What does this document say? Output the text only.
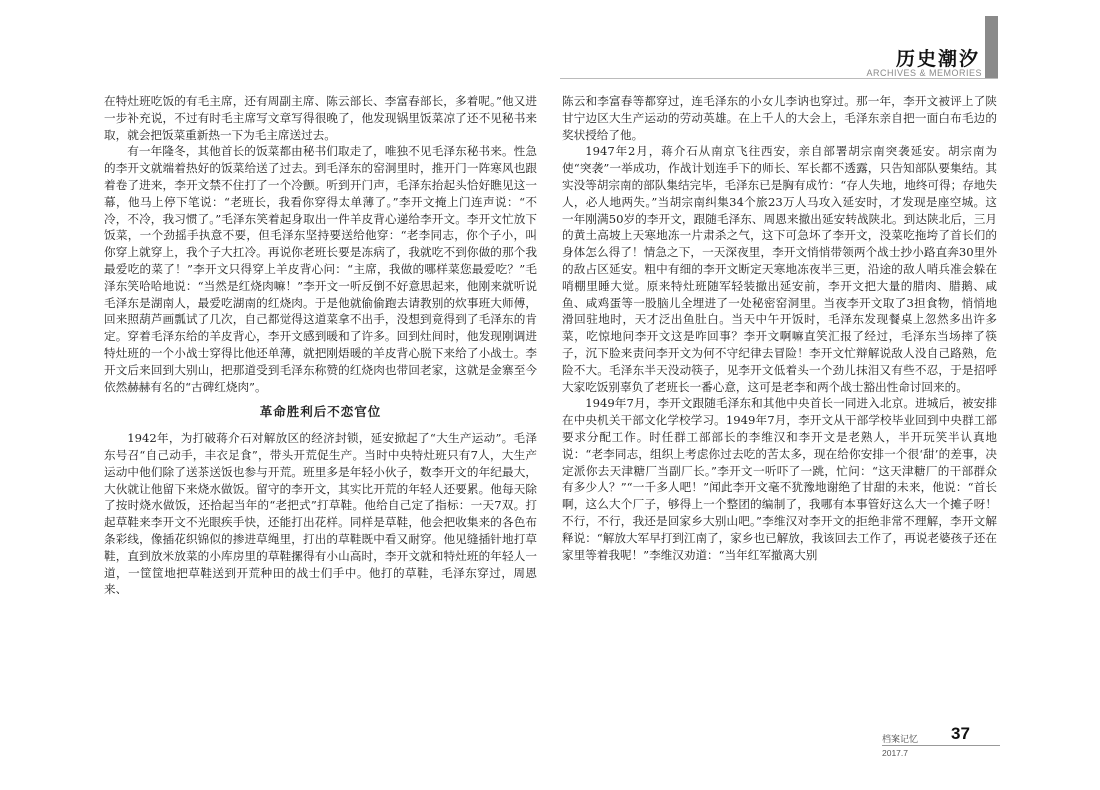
历史潮汐
ARCHIVES & MEMORIES

在特灶班吃饭的有毛主席，还有周副主席、陈云部长、李富春部长，多着呢。”他又进一步补充说，不过有时毛主席写文章写得很晚了，他发现锅里饭菜凉了还不见秘书来取，就会把饭菜重新热一下为毛主席送过去。

有一年隆冬，其他首长的饭菜都由秘书们取走了，唯独不见毛泽东秘书来。性急的李开文就端着热好的饭菜给送了过去。到毛泽东的窑洞里时，推开门一阵寒风也跟着卷了进来，李开文禁不住打了一个冷颤。听到开门声，毛泽东抬起头恰好瞧见这一幕，他马上停下笔说：“老班长，我看你穿得太单薄了。”李开文掩上门连声说：“不冷，不冷，我习惯了。”毛泽东笑着起身取出一件羊皮背心递给李开文。李开文忙放下饭菜，一个劲摇手执意不要，但毛泽东坚持要送给他穿：“老李同志，你个子小，叫你穿上就穿上，我个子大扛冷。再说你老班长要是冻病了，我就吃不到你做的那个我最爱吃的菜了！”李开文只得穿上羊皮背心问：“主席，我做的哪样菜您最爱吃？”毛泽东笑哈哈地说：“当然是红烧肉嘛！”李开文一听反倒不好意思起来，他刚来就听说毛泽东是湖南人，最爱吃湖南的红烧肉。于是他就偷偷跑去请教别的炊事班大师傅，回来照葫芦画瓢试了几次，自己都觉得这道菜拿不出手，没想到竟得到了毛泽东的肯定。穿着毛泽东给的羊皮背心，李开文感到暖和了许多。回到灶间时，他发现刚调进特灶班的一个小战士穿得比他还单薄，就把刚焐暖的羊皮背心脱下来给了小战士。李开文后来回到大别山，把那道受到毛泽东称赞的红烧肉也带回老家，这就是金寨至今依然赫赫有名的“古碑红烧肉”。

革命胜利后不恋官位

1942年，为打破蒋介石对解放区的经济封锁，延安掀起了“大生产运动”。毛泽东号召“自己动手，丰衣足食”，带头开荒促生产。当时中央特灶班只有7人，大生产运动中他们除了送茶送饭也参与开荒。班里多是年轻小伙子，数李开文的年纪最大，大伙就让他留下来烧水做饭。留守的李开文，其实比开荒的年轻人还要累。他每天除了按时烧水做饭，还拾起当年的“老把式”打草鞋。他给自己定了指标：一天7双。打起草鞋来李开文不光眼疾手快，还能打出花样。同样是草鞋，他会把收集来的各色布条彩线，像插花织锦似的掺进草绳里，打出的草鞋既中看又耐穿。他见缝插针地打草鞋，直到放米放菜的小库房里的草鞋摞得有小山高时，李开文就和特灶班的年轻人一道，一筐筐地把草鞋送到开荒种田的战士们手中。他打的草鞋，毛泽东穿过，周恩来、

陈云和李富春等都穿过，连毛泽东的小女儿李讷也穿过。那一年，李开文被评上了陕甘宁边区大生产运动的劳动英雄。在上千人的大会上，毛泽东亲自把一面白布毛边的奖状授给了他。

1947年2月，蒋介石从南京飞往西安，亲自部署胡宗南突袭延安。胡宗南为使“突袭”一举成功，作战计划连手下的师长、军长都不透露，只告知部队要集结。其实没等胡宗南的部队集结完毕，毛泽东已是胸有成竹：“存人失地，地终可得；存地失人，必人地两失。”当胡宗南纠集34个旅23万人马攻入延安时，才发现是座空城。这一年刚满50岁的李开文，跟随毛泽东、周恩来撤出延安转战陕北。到达陕北后，三月的黄土高坡上天寒地冻一片肃杀之气，这下可急坏了李开文，没菜吃拖垮了首长们的身体怎么得了！情急之下，一天深夜里，李开文悄悄带领两个战士抄小路直奔30里外的敌占区延安。粗中有细的李开文断定天寒地冻夜半三更，沿途的敌人哨兵准会躲在哨棚里睡大觉。原来特灶班随军轻装撤出延安前，李开文把大量的腊肉、腊鹅、咸鱼、咸鸡蛋等一股脑儿全埋进了一处秘密窑洞里。当夜李开文取了3担食物，悄悄地滑回驻地时，天才泛出鱼肚白。当天中午开饭时，毛泽东发现餐桌上忽然多出许多菜，吃惊地问李开文这是咋回事？李开文啊嘛直笑汇报了经过，毛泽东当场摔了筷子，沉下脸来责问李开文为何不守纪律去冒险！李开文忙辩解说敌人没自己路熟，危险不大。毛泽东半天没动筷子，见李开文低着头一个劲儿抹泪又有些不忍，于是招呼大家吃饭别辜负了老班长一番心意，这可是老李和两个战士豁出性命讨回来的。

1949年7月，李开文跟随毛泽东和其他中央首长一同进入北京。进城后，被安排在中央机关干部文化学校学习。1949年7月，李开文从干部学校毕业回到中央群工部要求分配工作。时任群工部部长的李维汉和李开文是老熟人，半开玩笑半认真地说：“老李同志，组织上考虑你过去吃的苦太多，现在给你安排一个很‘甜’的差事，决定派你去天津糖厂当副厂长。”李开文一听吓了一跳，忙问：“这天津糖厂的干部群众有多少人？”“一千多人吧！”闻此李开文毫不犹豫地谢绝了甘甜的未来，他说：“首长啊，这么大个厂子，够得上一个整团的编制了，我哪有本事管好这么大一个摊子呀！不行，不行，我还是回家乡大别山吧。”李维汉对李开文的拒绝非常不理解，李开文解释说：“解放大军早打到江南了，家乡也已解放，我该回去工作了，再说老婆孩子还在家里等着我呢！”李维汉劝道：“当年红军撤离大别

档案记忆 37
2017.7
